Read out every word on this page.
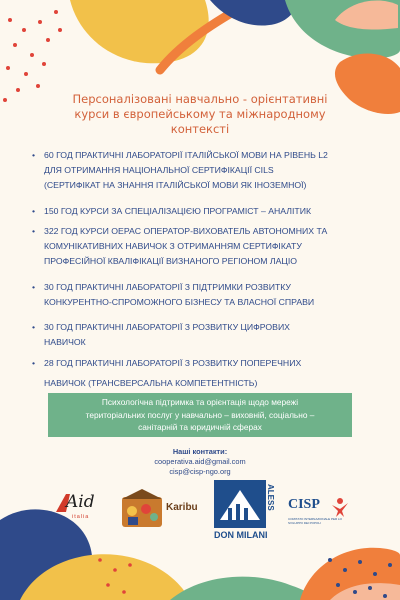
Персоналізовані навчально - орієнтативні
курси в європейському та міжнародному
контексті
• 60 ГОД ПРАКТИЧНІ ЛАБОРАТОРІЇ ІТАЛІЙСЬКОЇ МОВИ НА РІВЕНЬ L2
ДЛЯ ОТРИМАННЯ НАЦІОНАЛЬНОЇ СЕРТИФІКАЦІЇ CILS
(СЕРТИФІКАТ НА ЗНАННЯ ІТАЛІЙСЬКОЇ МОВИ ЯК ІНОЗЕМНОЇ)
• 150 ГОД КУРСИ ЗА СПЕЦІАЛІЗАЦІЄЮ ПРОГРАМІСТ – АНАЛІТИК
• 322 ГОД КУРСИ OEPAC ОПЕРАТОР-ВИХОВАТЕЛЬ АВТОНОМНИХ ТА
КОМУНІКАТИВНИХ НАВИЧОК З ОТРИМАННЯМ СЕРТИФІКАТУ
ПРОФЕСІЙНОЇ КВАЛІФІКАЦІЇ ВИЗНАНОГО РЕГІОНОМ ЛАЦІО
• 30 ГОД ПРАКТИЧНІ ЛАБОРАТОРІЇ З ПІДТРИМКИ РОЗВИТКУ
КОНКУРЕНТНО-СПРОМОЖНОГО БІЗНЕСУ ТА ВЛАСНОЇ СПРАВИ
• 30 ГОД ПРАКТИЧНІ ЛАБОРАТОРІЇ З РОЗВИТКУ ЦИФРОВИХ
НАВИЧОК
• 28 ГОД ПРАКТИЧНІ ЛАБОРАТОРІЇ З РОЗВИТКУ ПОПЕРЕЧНИХ
НАВИЧОК (ТРАНСВЕРСАЛЬНА КОМПЕТЕНТНІСТЬ)
Психологічна підтримка та орієнтація щодо мережі
територіальних послуг у навчально – виховній, соціально –
санітарній та юридичній сферах
Наші контакти:
cooperativa.aid@gmail.com
cisp@cisp-ngo.org
Aid
italia
Karibu	ALESS
DON MILANI
CISP
COMITATO INTERNAZIONALE PER LO SVILUPPO DEI POPOLI
